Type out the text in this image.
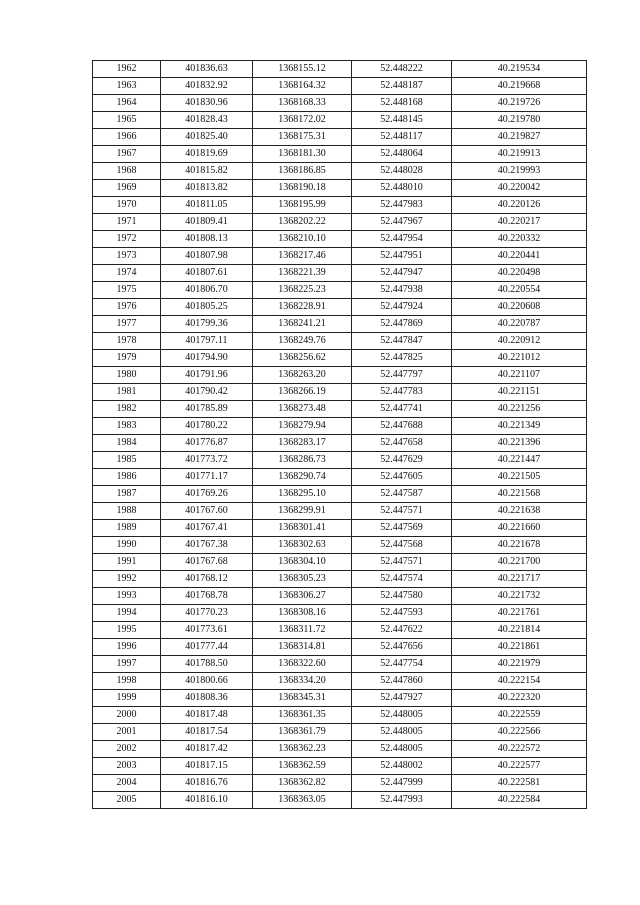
1962	401836.63	1368155.12	52.448222	40.219534
1963	401832.92	1368164.32	52.448187	40.219668
1964	401830.96	1368168.33	52.448168	40.219726
1965	401828.43	1368172.02	52.448145	40.219780
1966	401825.40	1368175.31	52.448117	40.219827
1967	401819.69	1368181.30	52.448064	40.219913
1968	401815.82	1368186.85	52.448028	40.219993
1969	401813.82	1368190.18	52.448010	40.220042
1970	401811.05	1368195.99	52.447983	40.220126
1971	401809.41	1368202.22	52.447967	40.220217
1972	401808.13	1368210.10	52.447954	40.220332
1973	401807.98	1368217.46	52.447951	40.220441
1974	401807.61	1368221.39	52.447947	40.220498
1975	401806.70	1368225.23	52.447938	40.220554
1976	401805.25	1368228.91	52.447924	40.220608
1977	401799.36	1368241.21	52.447869	40.220787
1978	401797.11	1368249.76	52.447847	40.220912
1979	401794.90	1368256.62	52.447825	40.221012
1980	401791.96	1368263.20	52.447797	40.221107
1981	401790.42	1368266.19	52.447783	40.221151
1982	401785.89	1368273.48	52.447741	40.221256
1983	401780.22	1368279.94	52.447688	40.221349
1984	401776.87	1368283.17	52.447658	40.221396
1985	401773.72	1368286.73	52.447629	40.221447
1986	401771.17	1368290.74	52.447605	40.221505
1987	401769.26	1368295.10	52.447587	40.221568
1988	401767.60	1368299.91	52.447571	40.221638
1989	401767.41	1368301.41	52.447569	40.221660
1990	401767.38	1368302.63	52.447568	40.221678
1991	401767.68	1368304.10	52.447571	40.221700
1992	401768.12	1368305.23	52.447574	40.221717
1993	401768.78	1368306.27	52.447580	40.221732
1994	401770.23	1368308.16	52.447593	40.221761
1995	401773.61	1368311.72	52.447622	40.221814
1996	401777.44	1368314.81	52.447656	40.221861
1997	401788.50	1368322.60	52.447754	40.221979
1998	401800.66	1368334.20	52.447860	40.222154
1999	401808.36	1368345.31	52.447927	40.222320
2000	401817.48	1368361.35	52.448005	40.222559
2001	401817.54	1368361.79	52.448005	40.222566
2002	401817.42	1368362.23	52.448005	40.222572
2003	401817.15	1368362.59	52.448002	40.222577
2004	401816.76	1368362.82	52.447999	40.222581
2005	401816.10	1368363.05	52.447993	40.222584
